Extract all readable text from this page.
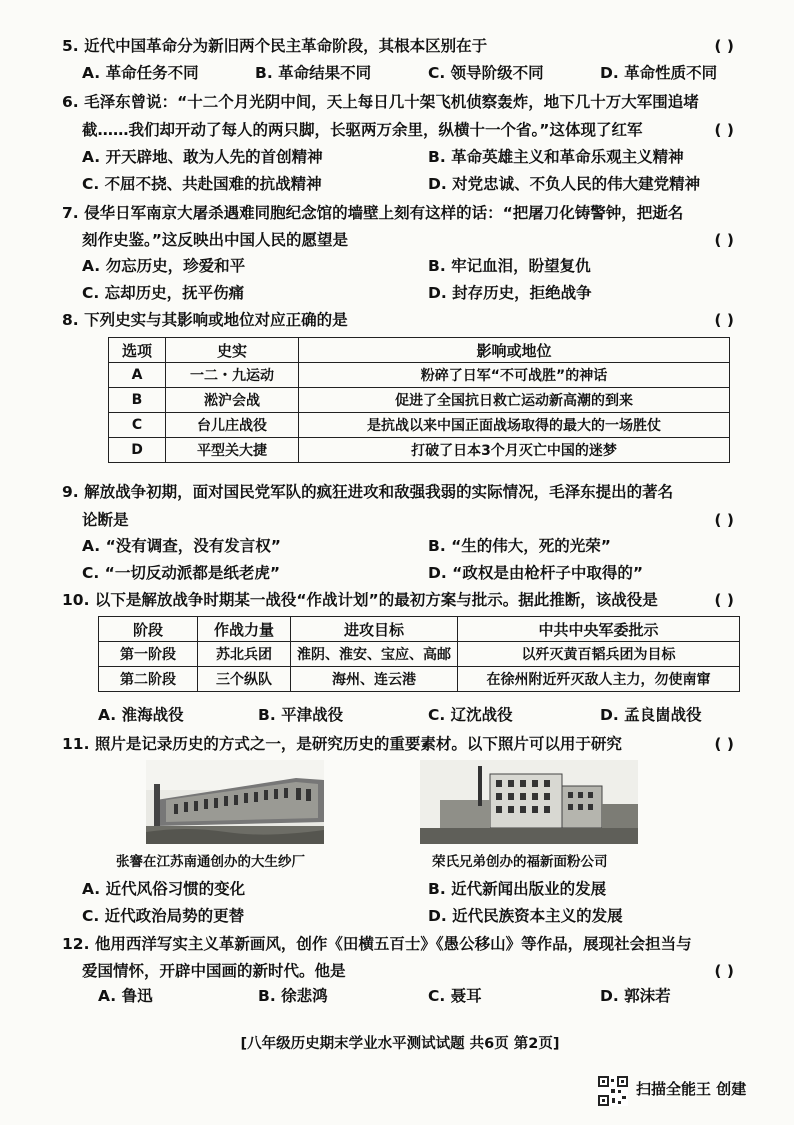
5. 近代中国革命分为新旧两个民主革命阶段，其根本区别在于	( )
A. 革命任务不同	B. 革命结果不同	C. 领导阶级不同	D. 革命性质不同
6. 毛泽东曾说：“十二个月光阴中间，天上每日几十架飞机侦察轰炸，地下几十万大军围追堵
截……我们却开动了每人的两只脚，长驱两万余里，纵横十一个省。”这体现了红军	( )
A. 开天辟地、敢为人先的首创精神	B. 革命英雄主义和革命乐观主义精神
C. 不屈不挠、共赴国难的抗战精神	D. 对党忠诚、不负人民的伟大建党精神
7. 侵华日军南京大屠杀遇难同胞纪念馆的墙壁上刻有这样的话：“把屠刀化铸警钟，把逝名
刻作史鉴。”这反映出中国人民的愿望是	( )
A. 勿忘历史，珍爱和平	B. 牢记血泪，盼望复仇
C. 忘却历史，抚平伤痛	D. 封存历史，拒绝战争
8. 下列史实与其影响或地位对应正确的是	( )
选项	史实	影响或地位
A	一二・九运动	粉碎了日军“不可战胜”的神话
B	淞沪会战	促进了全国抗日救亡运动新高潮的到来
C	台儿庄战役	是抗战以来中国正面战场取得的最大的一场胜仗
D	平型关大捷	打破了日本3个月灭亡中国的迷梦
9. 解放战争初期，面对国民党军队的疯狂进攻和敌强我弱的实际情况，毛泽东提出的著名
论断是	( )
A. “没有调查，没有发言权”	B. “生的伟大，死的光荣”
C. “一切反动派都是纸老虎”	D. “政权是由枪杆子中取得的”
10. 以下是解放战争时期某一战役“作战计划”的最初方案与批示。据此推断，该战役是	( )
阶段	作战力量	进攻目标	中共中央军委批示
第一阶段	苏北兵团	淮阴、淮安、宝应、高邮	以歼灭黄百韬兵团为目标
第二阶段	三个纵队	海州、连云港	在徐州附近歼灭敌人主力，勿使南窜
A. 淮海战役	B. 平津战役	C. 辽沈战役	D. 孟良崮战役
11. 照片是记录历史的方式之一，是研究历史的重要素材。以下照片可以用于研究	( )
张謇在江苏南通创办的大生纱厂	荣氏兄弟创办的福新面粉公司
A. 近代风俗习惯的变化	B. 近代新闻出版业的发展
C. 近代政治局势的更替	D. 近代民族资本主义的发展
12. 他用西洋写实主义革新画风，创作《田横五百士》《愚公移山》等作品，展现社会担当与
爱国情怀，开辟中国画的新时代。他是	( )
A. 鲁迅	B. 徐悲鸿	C. 聂耳	D. 郭沫若
[八年级历史期末学业水平测试试题 共6页 第2页]
扫描全能王 创建
